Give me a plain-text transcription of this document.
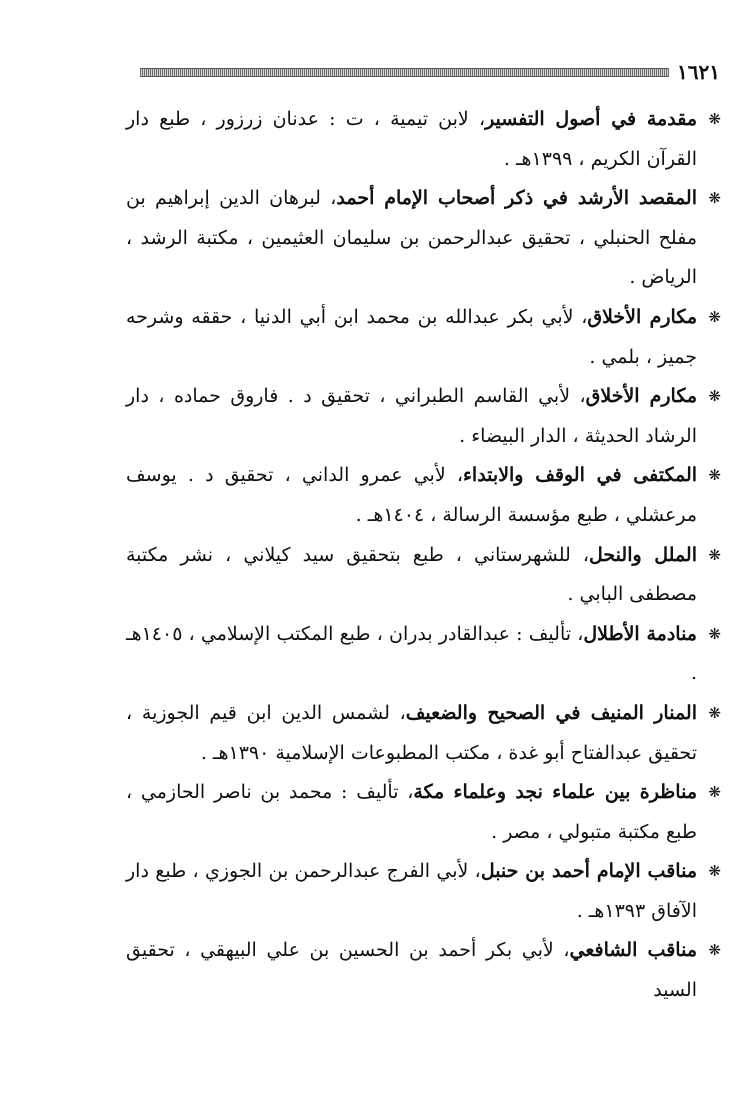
١٦٢١
❋
مقدمة في أصول التفسير، لابن تيمية ، ت : عدنان زرزور ، طبع دار القرآن الكريم ، ١٣٩٩هـ .
❋
المقصد الأرشد في ذكر أصحاب الإمام أحمد، لبرهان الدين إبراهيم بن مفلح الحنبلي ، تحقيق عبدالرحمن بن سليمان العثيمين ، مكتبة الرشد ، الرياض .
❋
مكارم الأخلاق، لأبي بكر عبدالله بن محمد ابن أبي الدنيا ، حققه وشرحه جميز ، بلمي .
❋
مكارم الأخلاق، لأبي القاسم الطبراني ، تحقيق د . فاروق حماده ، دار الرشاد الحديثة ، الدار البيضاء .
❋
المكتفى في الوقف والابتداء، لأبي عمرو الداني ، تحقيق د . يوسف مرعشلي ، طبع مؤسسة الرسالة ، ١٤٠٤هـ .
❋
الملل والنحل، للشهرستاني ، طبع بتحقيق سيد كيلاني ، نشر مكتبة مصطفى البابي .
❋
منادمة الأطلال، تأليف : عبدالقادر بدران ، طبع المكتب الإسلامي ، ١٤٠٥هـ .
❋
المنار المنيف في الصحيح والضعيف، لشمس الدين ابن قيم الجوزية ، تحقيق عبدالفتاح أبو غدة ، مكتب المطبوعات الإسلامية ١٣٩٠هـ .
❋
مناظرة بين علماء نجد وعلماء مكة، تأليف : محمد بن ناصر الحازمي ، طبع مكتبة متبولي ، مصر .
❋
مناقب الإمام أحمد بن حنبل، لأبي الفرج عبدالرحمن بن الجوزي ، طبع دار الآفاق ١٣٩٣هـ .
❋
مناقب الشافعي، لأبي بكر أحمد بن الحسين بن علي البيهقي ، تحقيق السيد
